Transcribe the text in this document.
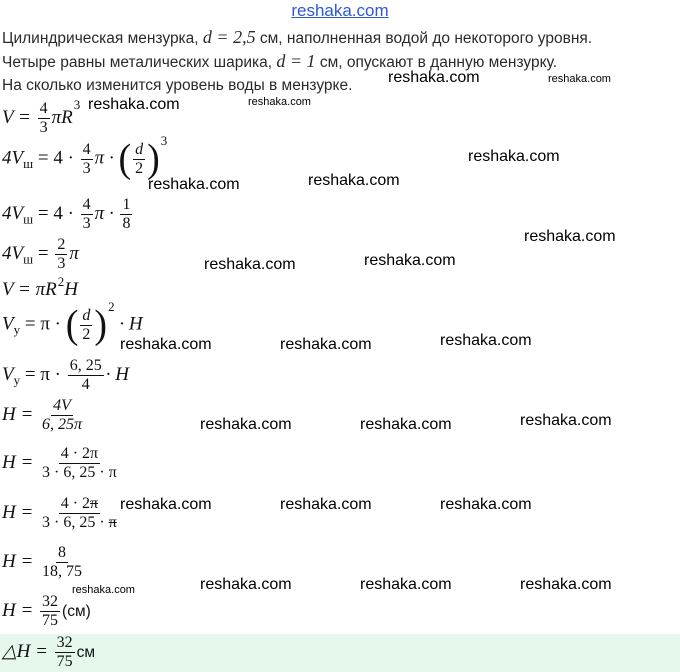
reshaka.com
Цилиндрическая мензурка, d = 2,5 см, наполненная водой до некоторого уровня.
Четыре равны металических шарика, d = 1 см, опускают в данную мензурку.
На сколько изменится уровень воды в мензурке.
$V = \frac{4}{3} \pi R^3$
$4V_ш = 4 \cdot \frac{4}{3}$ π · ( $\frac{d}{2}$ ) 3
$4V_ш = 4 \cdot \frac{4}{3}$ $\pi \cdot \frac{1}{8}$
$4V_ш = \frac{2}{3}$ π
$V = \pi R^2H$
$V_у = \pi$ · ( $\frac{d}{2}$ ) 2
· H
$V_у = \pi \cdot \frac{6, 25}{4} \cdot H$
$H = \frac{4V}{6, 25\pi}$
$H = \frac{4 \cdot 2\pi}{3 \cdot 6, 25 \cdot \pi}$
$H = \frac{4 \cdot 2\pi}{3 \cdot 6, 25 \cdot \pi}$
$H = \frac{8}{18, 75}$
$H = \frac{32}{75} (см)$
△H = $\frac{32}{75}$ см
reshaka.com	reshaka.com
reshaka.com	reshaka.com
reshaka.com
reshaka.com	reshaka.com
reshaka.com
reshaka.com	reshaka.com
reshaka.com	reshaka.com	reshaka.com
reshaka.com	reshaka.com	reshaka.com
reshaka.com	reshaka.com	reshaka.com
reshaka.com	reshaka.com	reshaka.com
reshaka.com
